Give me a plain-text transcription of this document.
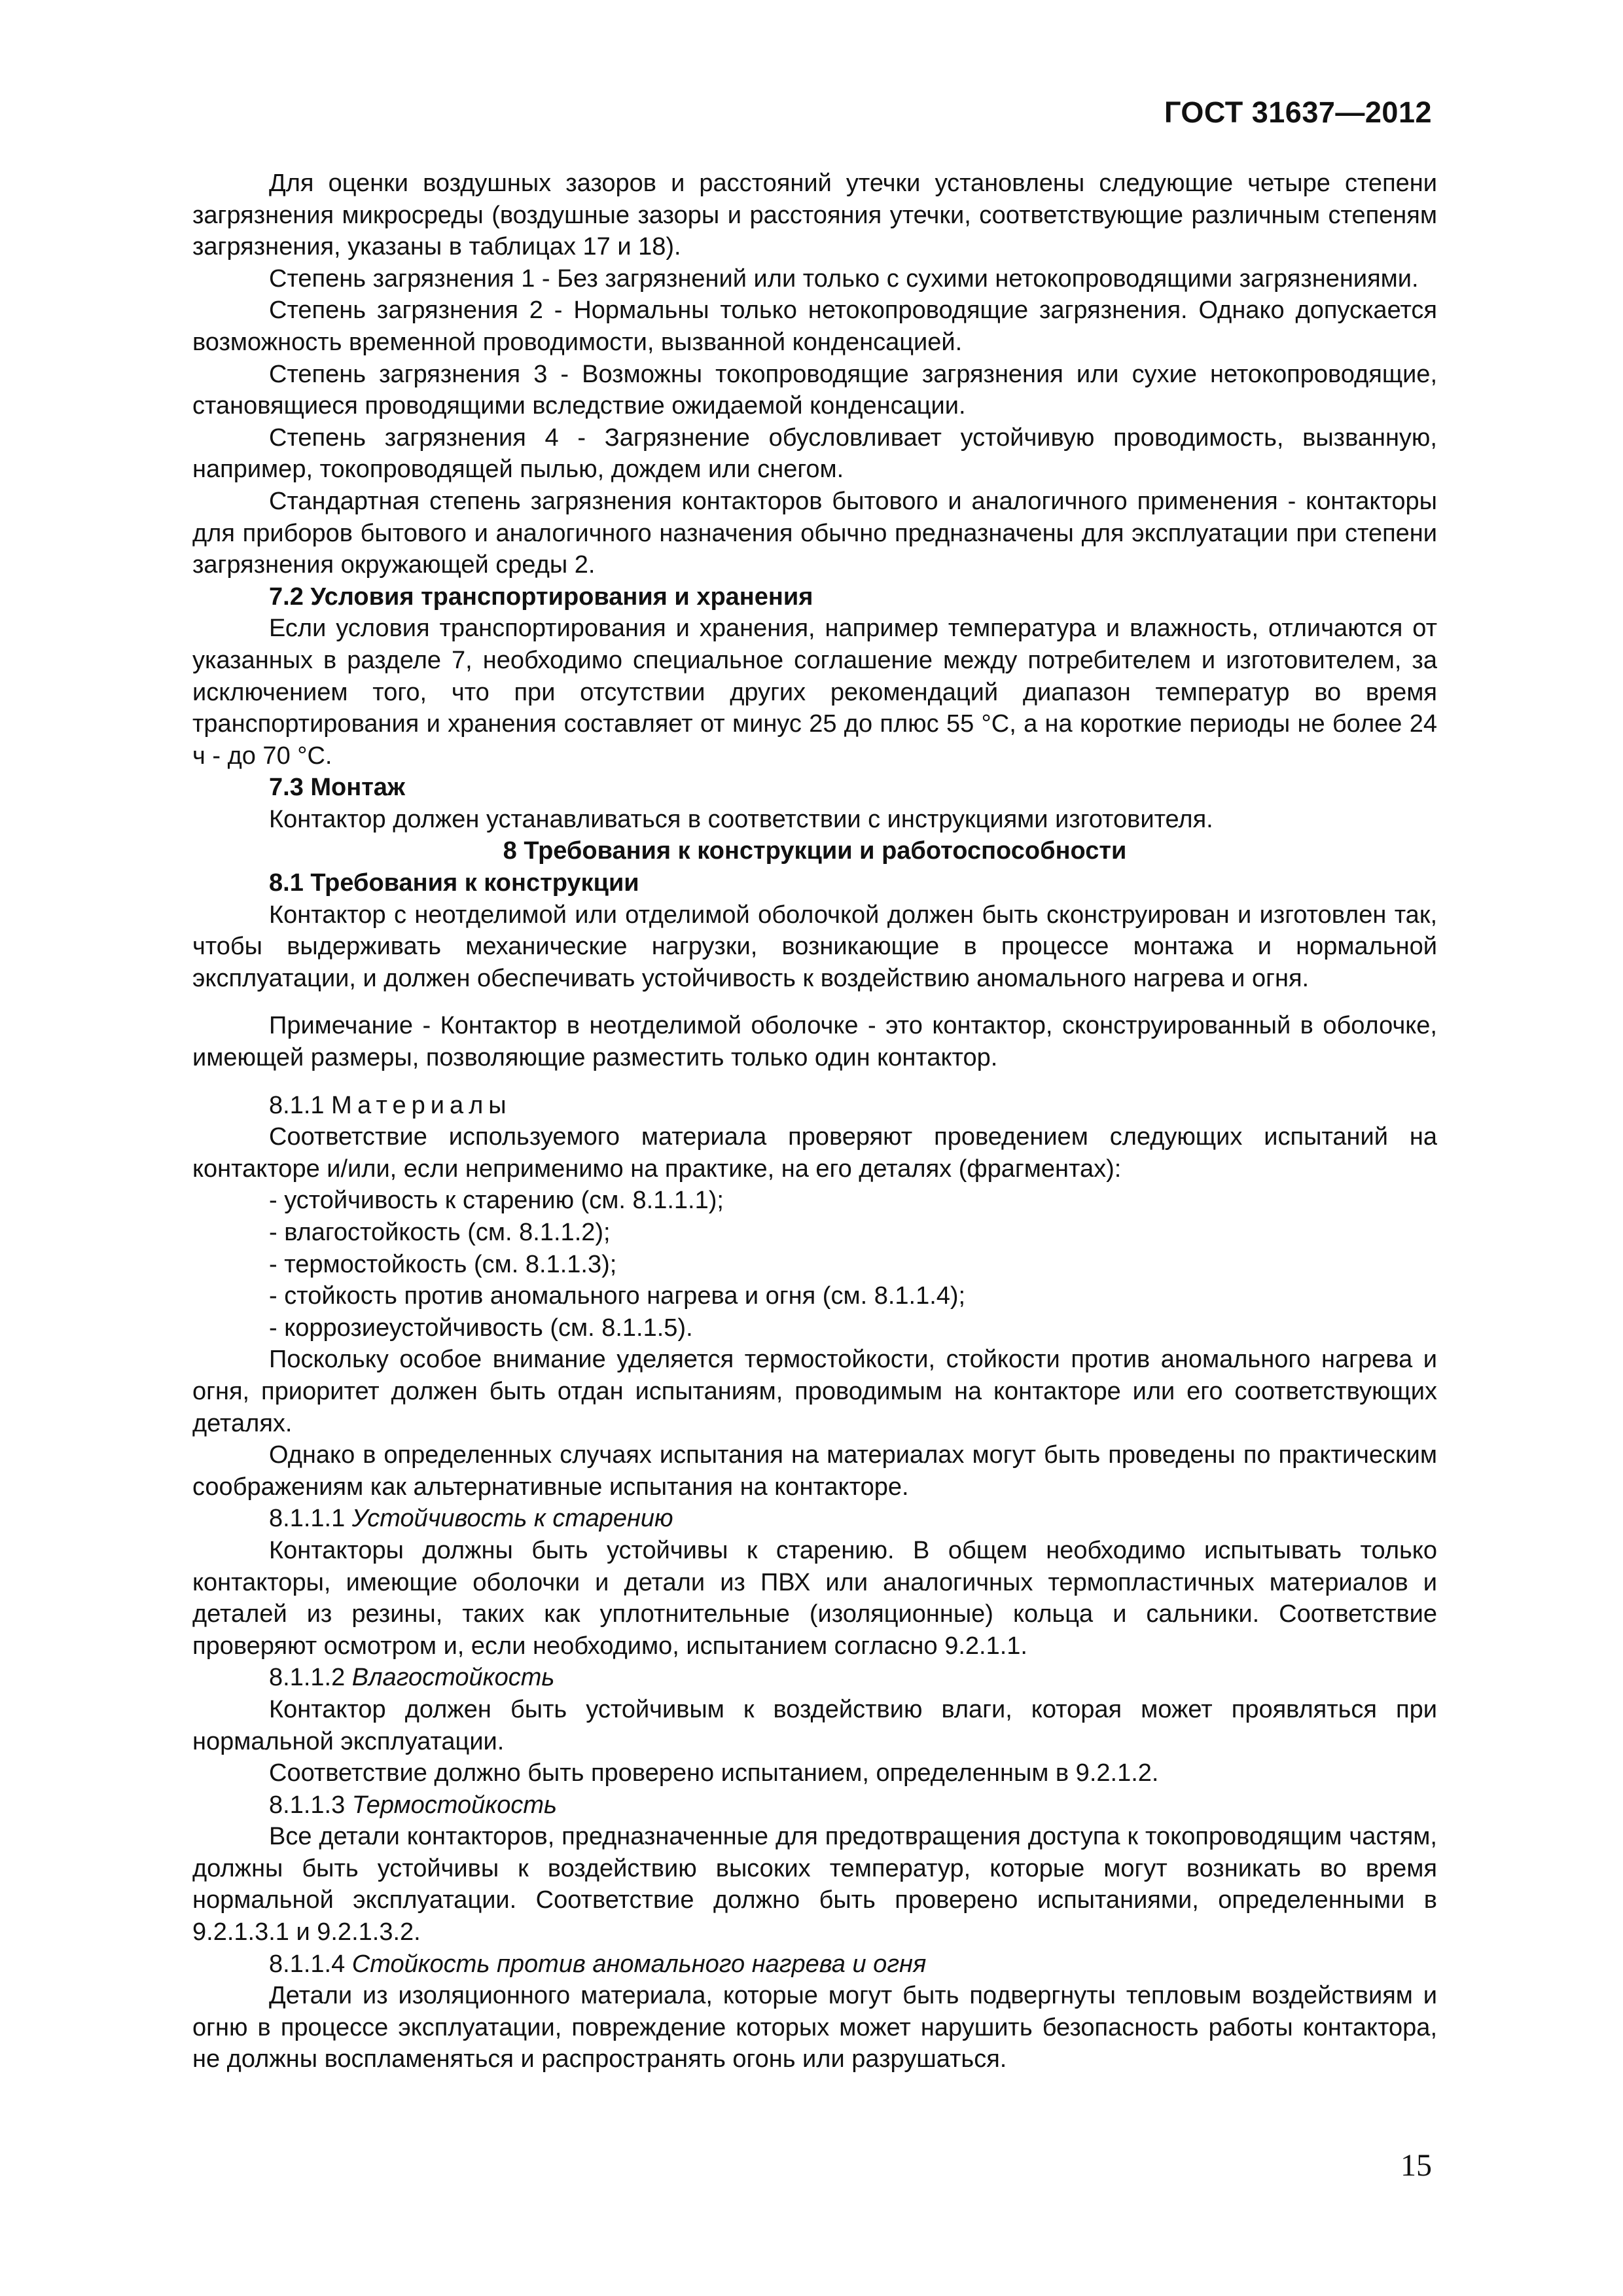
ГОСТ 31637—2012

Для оценки воздушных зазоров и расстояний утечки установлены следующие четыре степени загрязнения микросреды (воздушные зазоры и расстояния утечки, соответствующие различным степеням загрязнения, указаны в таблицах 17 и 18).

Степень загрязнения 1 - Без загрязнений или только с сухими нетокопроводящими загрязнениями.

Степень загрязнения 2 - Нормальны только нетокопроводящие загрязнения. Однако допускается возможность временной проводимости, вызванной конденсацией.

Степень загрязнения 3 - Возможны токопроводящие загрязнения или сухие нетокопроводящие, становящиеся проводящими вследствие ожидаемой конденсации.

Степень загрязнения 4 - Загрязнение обусловливает устойчивую проводимость, вызванную, например, токопроводящей пылью, дождем или снегом.

Стандартная степень загрязнения контакторов бытового и аналогичного применения - контакторы для приборов бытового и аналогичного назначения обычно предназначены для эксплуатации при степени загрязнения окружающей среды 2.

7.2 Условия транспортирования и хранения

Если условия транспортирования и хранения, например температура и влажность, отличаются от указанных в разделе 7, необходимо специальное соглашение между потребителем и изготовителем, за исключением того, что при отсутствии других рекомендаций диапазон температур во время транспортирования и хранения составляет от минус 25 до плюс 55 °С, а на короткие периоды не более 24 ч - до 70 °С.

7.3 Монтаж

Контактор должен устанавливаться в соответствии с инструкциями изготовителя.

8 Требования к конструкции и работоспособности

8.1 Требования к конструкции

Контактор с неотделимой или отделимой оболочкой должен быть сконструирован и изготовлен так, чтобы выдерживать механические нагрузки, возникающие в процессе монтажа и нормальной эксплуатации, и должен обеспечивать устойчивость к воздействию аномального нагрева и огня.

Примечание - Контактор в неотделимой оболочке - это контактор, сконструированный в оболочке, имеющей размеры, позволяющие разместить только один контактор.

8.1.1 Материалы

Соответствие используемого материала проверяют проведением следующих испытаний на контакторе и/или, если неприменимо на практике, на его деталях (фрагментах):

- устойчивость к старению (см. 8.1.1.1);

- влагостойкость (см. 8.1.1.2);

- термостойкость (см. 8.1.1.3);

- стойкость против аномального нагрева и огня (см. 8.1.1.4);

- коррозиеустойчивость (см. 8.1.1.5).

Поскольку особое внимание уделяется термостойкости, стойкости против аномального нагрева и огня, приоритет должен быть отдан испытаниям, проводимым на контакторе или его соответствующих деталях.

Однако в определенных случаях испытания на материалах могут быть проведены по практическим соображениям как альтернативные испытания на контакторе.

8.1.1.1 Устойчивость к старению

Контакторы должны быть устойчивы к старению. В общем необходимо испытывать только контакторы, имеющие оболочки и детали из ПВХ или аналогичных термопластичных материалов и деталей из резины, таких как уплотнительные (изоляционные) кольца и сальники. Соответствие проверяют осмотром и, если необходимо, испытанием согласно 9.2.1.1.

8.1.1.2 Влагостойкость

Контактор должен быть устойчивым к воздействию влаги, которая может проявляться при нормальной эксплуатации.

Соответствие должно быть проверено испытанием, определенным в 9.2.1.2.

8.1.1.3 Термостойкость

Все детали контакторов, предназначенные для предотвращения доступа к токопроводящим частям, должны быть устойчивы к воздействию высоких температур, которые могут возникать во время нормальной эксплуатации. Соответствие должно быть проверено испытаниями, определенными в 9.2.1.3.1 и 9.2.1.3.2.

8.1.1.4 Стойкость против аномального нагрева и огня

Детали из изоляционного материала, которые могут быть подвергнуты тепловым воздействиям и огню в процессе эксплуатации, повреждение которых может нарушить безопасность работы контактора, не должны воспламеняться и распространять огонь или разрушаться.

15
